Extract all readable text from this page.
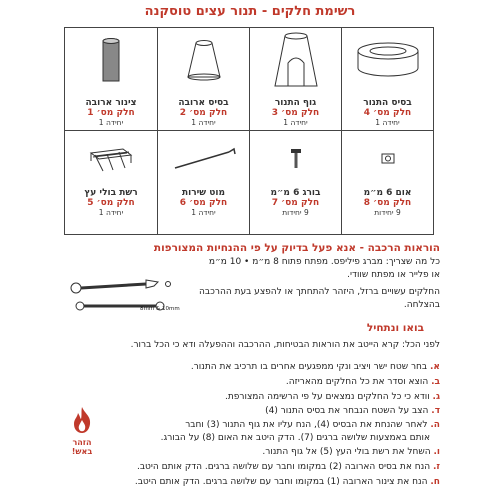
רשימת חלקים - תנור עצים טוסקנה
בסיס התנור
חלק מס׳ 4
יחידה 1
גוף התנור
חלק מס׳ 3
יחידה 1
בסיס ארובה
חלק מס׳ 2
יחידה 1
צינור ארובה
חלק מס׳ 1
יחידה 1
אום 6 מ״מ
חלק מס׳ 8
9 יחידות
בורג 6 מ״מ
חלק מס׳ 7
9 יחידות
מוט שירות
חלק מס׳ 6
יחידה 1
רשת בולי עץ
חלק מס׳ 5
יחידה 1
הוראות הרכבה - אנא פעל בדיוק על פי ההנחיות המצורפות
כל מה שצריך: מברג פיליפס. מפתח פתוח 8 מ״מ • 10 מ״מ
או פלייר או מפתח שוודי.
החלקים עשויים ברזל, היזהר להתחתך או להפצע בעת ההרכבה
בהצלחה.
8mm & 10mm
בואו ונתחיל
לפני הכל: קרא הייטב את הוראות הבטיחות, ההרכבה וההפעלה ודא כי הכל ברור.
א. בחר שטח ישר ויציב ונקי ממפגעים אחרים בו תרכיב את התנור.
ב. הוצא וסדר את כל החלקים מהאריזה.
ג. וודא כי כל החלקים נמצאים על פי הרשימה המצורפת.
ד. הצב על השטח הנבחר את בסיס התנור (4)
ה. לאחר שהנחת את הבסיס (4), הנח עליו את גוף התנור (3) וחבר
אותם באמצעות שלושה ברגים (7). הדק היטב את האום (8) על הבורג.
ו. השחל את רשת בולי העץ (5) אל גוף התנור.
ז. הנח את בסיס הארובה (2) במקומו וחבר עם שלושה ברגים. הדק אותם היטב.
ח. הנח את צינור הארובה (1) במקומו וחבר עם שלושה ברגים. הדק אותם היטב.
הזהר
באש!
